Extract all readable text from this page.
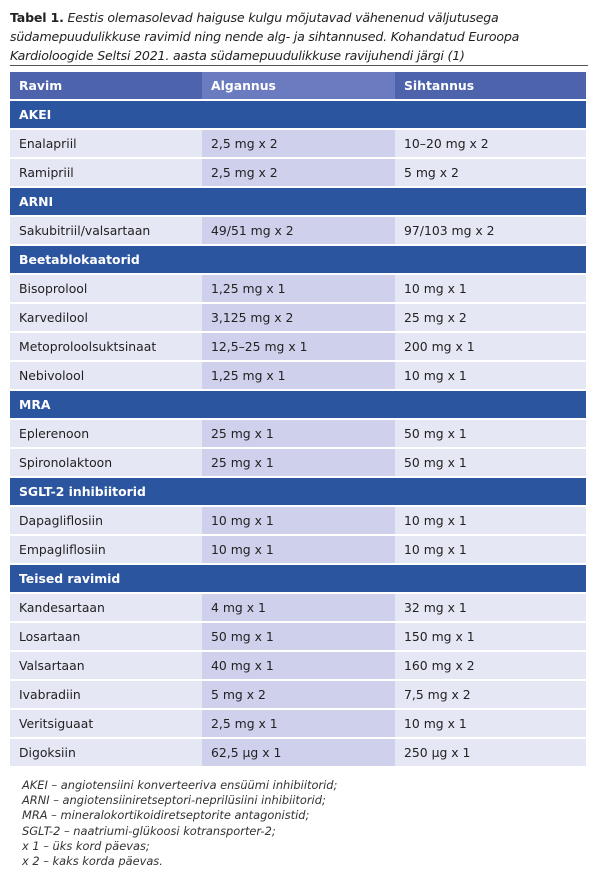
Tabel 1. Eestis olemasolevad haiguse kulgu mõjutavad vähenenud väljutusega südamepuudulikkuse ravimid ning nende alg- ja sihtannused. Kohandatud Euroopa Kardioloogide Seltsi 2021. aasta südamepuudulikkuse ravijuhendi järgi (1)
Ravim	Algannus	Sihtannus
AKEI		
Enalapriil	2,5 mg x 2	10–20 mg x 2
Ramipriil	2,5 mg x 2	5 mg x 2
ARNI		
Sakubitriil/valsartaan	49/51 mg x 2	97/103 mg x 2
Beetablokaatorid		
Bisoprolool	1,25 mg x 1	10 mg x 1
Karvedilool	3,125 mg x 2	25 mg x 2
Metoproloolsuktsinaat	12,5–25 mg x 1	200 mg x 1
Nebivolool	1,25 mg x 1	10 mg x 1
MRA		
Eplerenoon	25 mg x 1	50 mg x 1
Spironolaktoon	25 mg x 1	50 mg x 1
SGLT-2 inhibiitorid		
Dapagliflosiin	10 mg x 1	10 mg x 1
Empagliflosiin	10 mg x 1	10 mg x 1
Teised ravimid		
Kandesartaan	4 mg x 1	32 mg x 1
Losartaan	50 mg x 1	150 mg x 1
Valsartaan	40 mg x 1	160 mg x 2
Ivabradiin	5 mg x 2	7,5 mg x 2
Veritsiguaat	2,5 mg x 1	10 mg x 1
Digoksiin	62,5 µg x 1	250 µg x 1
AKEI – angiotensiini konverteeriva ensüümi inhibiitorid;
ARNI – angiotensiiniretseptori-neprilüsiini inhibiitorid;
MRA – mineralokortikoidiretseptorite antagonistid;
SGLT-2 – naatriumi-glükoosi kotransporter-2;
x 1 – üks kord päevas;
x 2 – kaks korda päevas.
